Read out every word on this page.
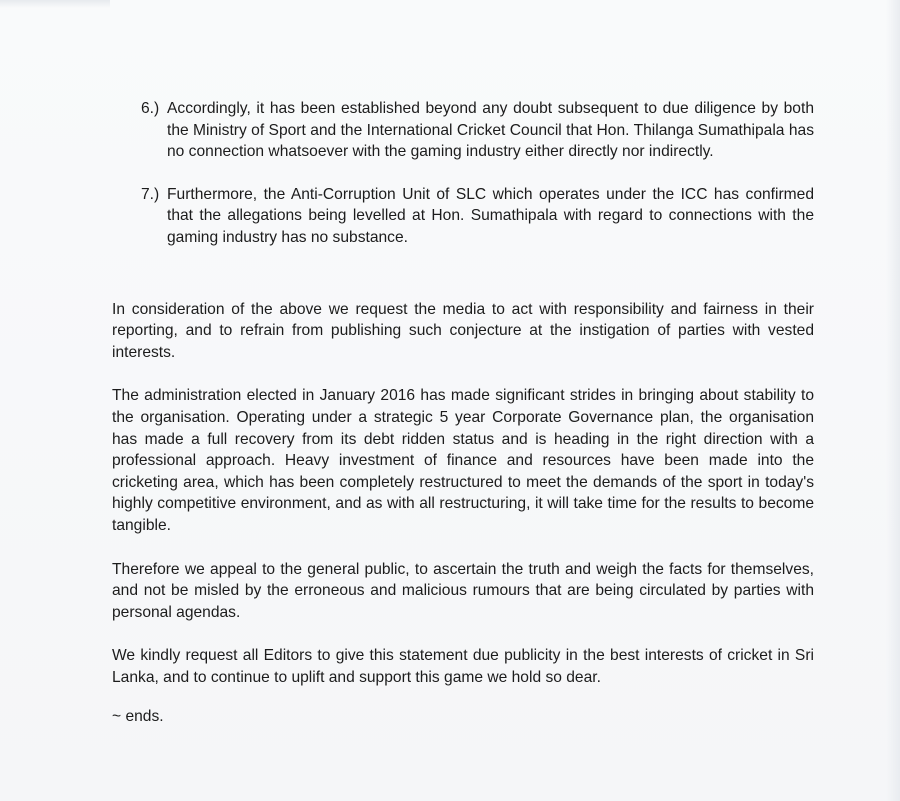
6.) Accordingly, it has been established beyond any doubt subsequent to due diligence by both the Ministry of Sport and the International Cricket Council that Hon. Thilanga Sumathipala has no connection whatsoever with the gaming industry either directly nor indirectly.
7.) Furthermore, the Anti-Corruption Unit of SLC which operates under the ICC has confirmed that the allegations being levelled at Hon. Sumathipala with regard to connections with the gaming industry has no substance.
In consideration of the above we request the media to act with responsibility and fairness in their reporting, and to refrain from publishing such conjecture at the instigation of parties with vested interests.
The administration elected in January 2016 has made significant strides in bringing about stability to the organisation. Operating under a strategic 5 year Corporate Governance plan, the organisation has made a full recovery from its debt ridden status and is heading in the right direction with a professional approach. Heavy investment of finance and resources have been made into the cricketing area, which has been completely restructured to meet the demands of the sport in today's highly competitive environment, and as with all restructuring, it will take time for the results to become tangible.
Therefore we appeal to the general public, to ascertain the truth and weigh the facts for themselves, and not be misled by the erroneous and malicious rumours that are being circulated by parties with personal agendas.
We kindly request all Editors to give this statement due publicity in the best interests of cricket in Sri Lanka, and to continue to uplift and support this game we hold so dear.
~ ends.
